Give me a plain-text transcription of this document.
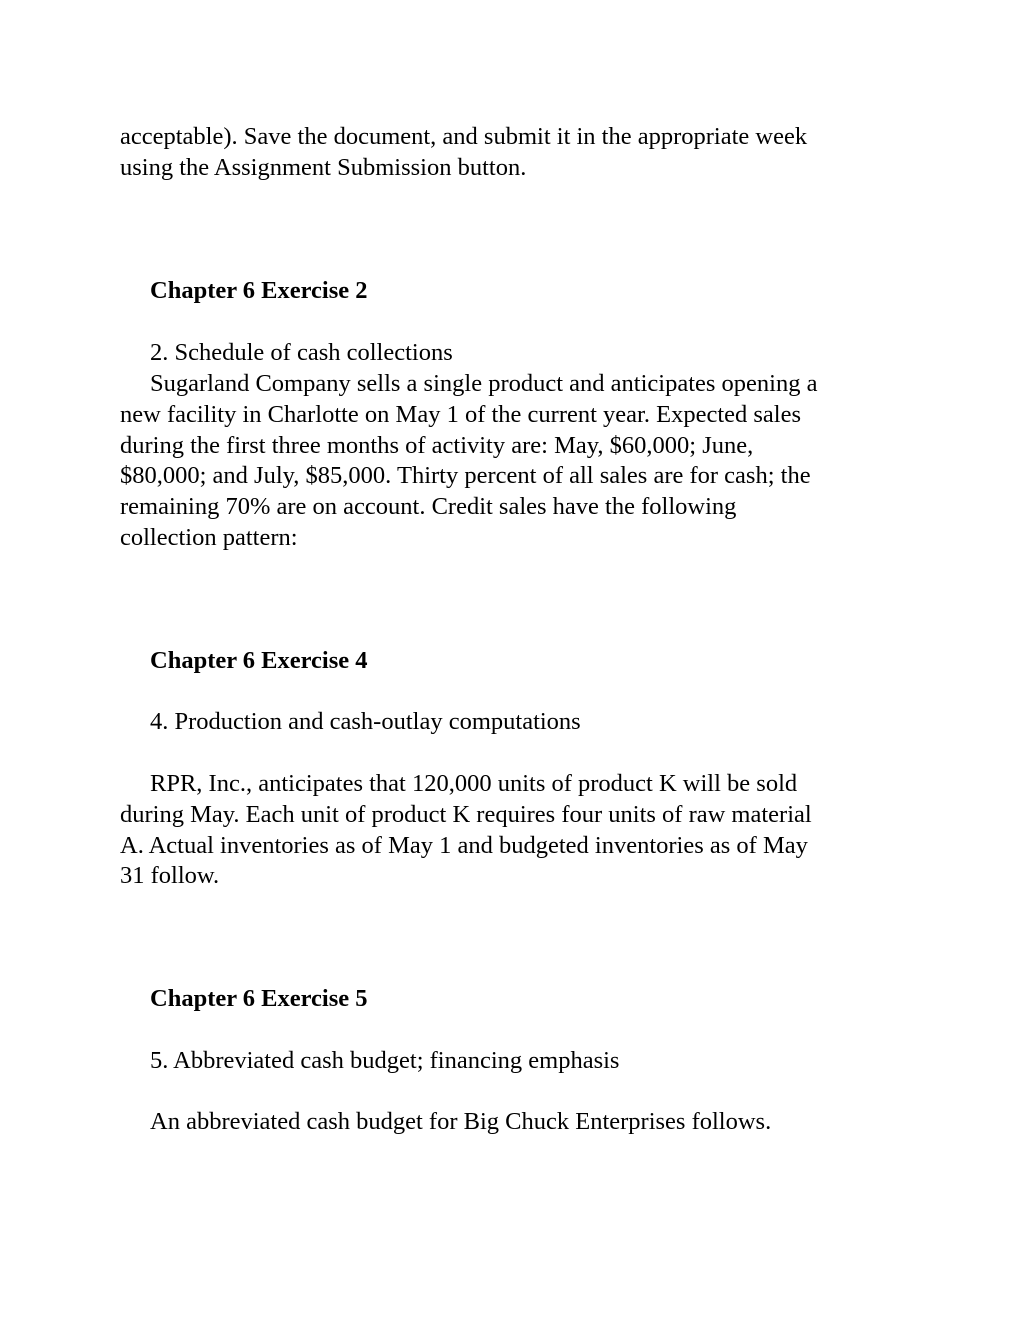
acceptable). Save the document, and submit it in the appropriate week

using the Assignment Submission button.

Chapter 6 Exercise 2

2. Schedule of cash collections

Sugarland Company sells a single product and anticipates opening a

new facility in Charlotte on May 1 of the current year. Expected sales

during the first three months of activity are: May, $60,000; June,

$80,000; and July, $85,000. Thirty percent of all sales are for cash; the

remaining 70% are on account. Credit sales have the following

collection pattern:

Chapter 6 Exercise 4

4. Production and cash-outlay computations

RPR, Inc., anticipates that 120,000 units of product K will be sold

during May. Each unit of product K requires four units of raw material

A. Actual inventories as of May 1 and budgeted inventories as of May

31 follow.

Chapter 6 Exercise 5

5. Abbreviated cash budget; financing emphasis

An abbreviated cash budget for Big Chuck Enterprises follows.
